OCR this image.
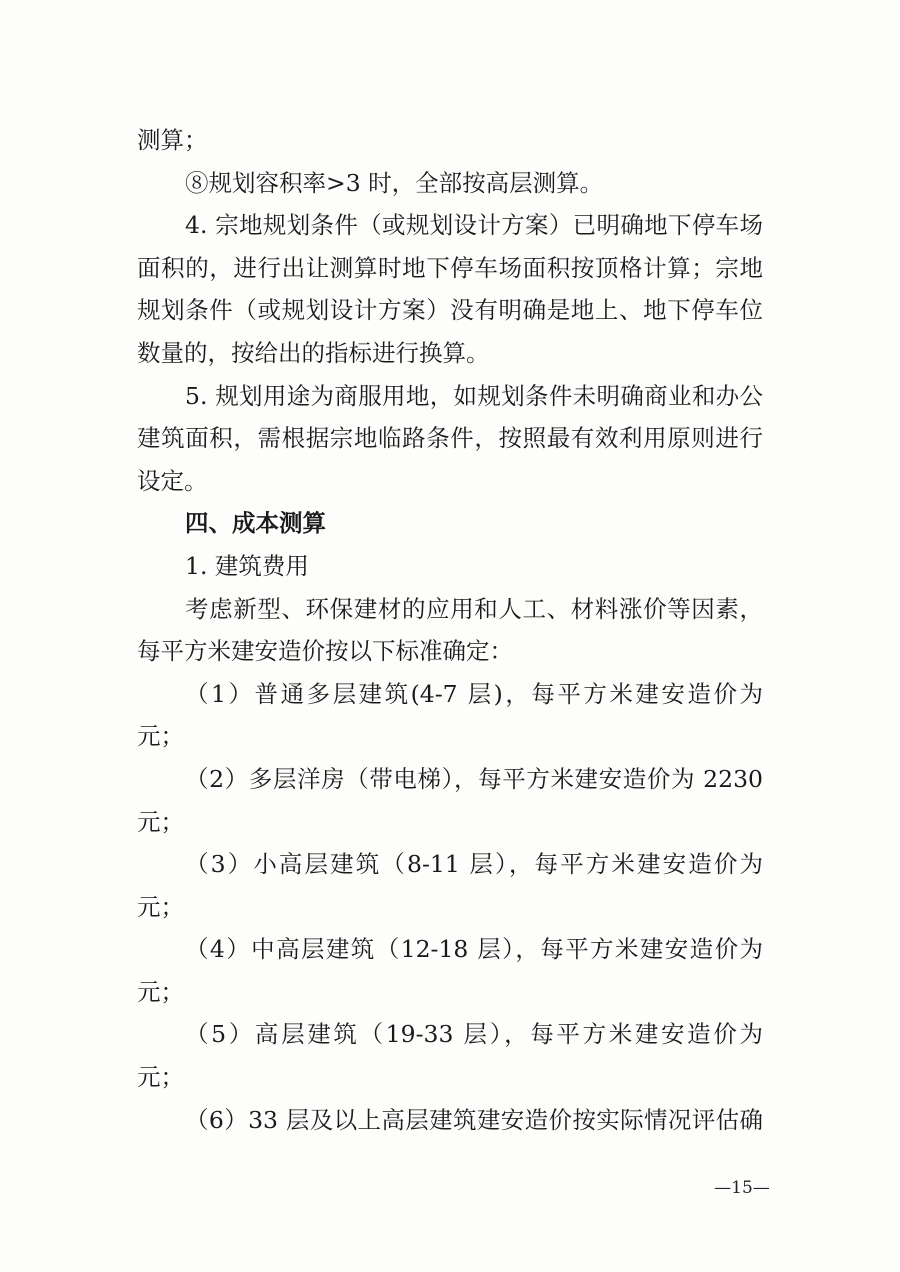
测算；
⑧规划容积率>3 时，全部按高层测算。
4. 宗地规划条件（或规划设计方案）已明确地下停车场
面积的，进行出让测算时地下停车场面积按顶格计算；宗地
规划条件（或规划设计方案）没有明确是地上、地下停车位
数量的，按给出的指标进行换算。
5. 规划用途为商服用地，如规划条件未明确商业和办公
建筑面积，需根据宗地临路条件，按照最有效利用原则进行
设定。
四、成本测算
1. 建筑费用
考虑新型、环保建材的应用和人工、材料涨价等因素，
每平方米建安造价按以下标准确定：
（1）普通多层建筑(4-7 层)，每平方米建安造价为
元；
（2）多层洋房（带电梯），每平方米建安造价为 2230
元；
（3）小高层建筑（8-11 层），每平方米建安造价为
元；
（4）中高层建筑（12-18 层），每平方米建安造价为
元；
（5）高层建筑（19-33 层），每平方米建安造价为
元；
（6）33 层及以上高层建筑建安造价按实际情况评估确
—15—
